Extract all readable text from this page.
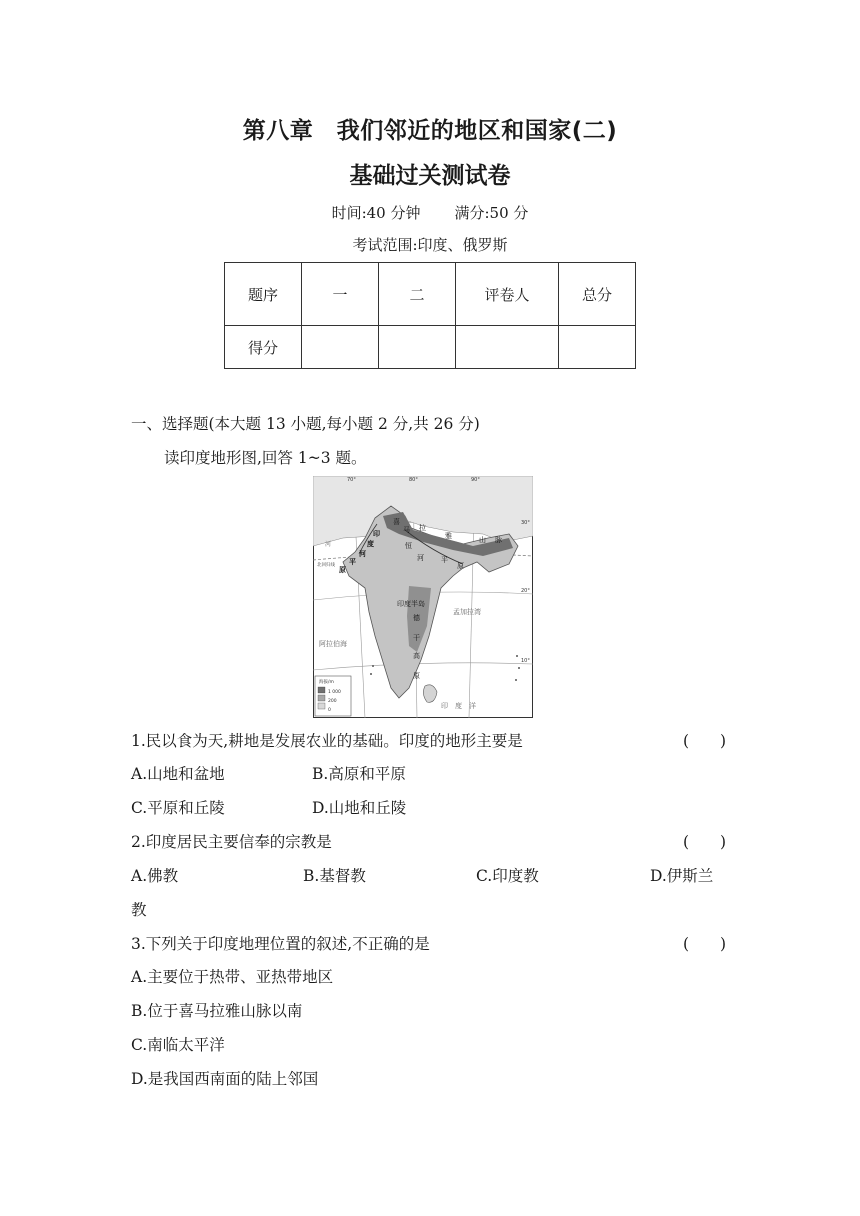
第八章　我们邻近的地区和国家(二)
基础过关测试卷
时间:40 分钟 满分:50 分
考试范围:印度、俄罗斯
题序	一	二	评卷人	总分
得分				
一、选择题(本大题 13 小题,每小题 2 分,共 26 分)
读印度地形图,回答 1~3 题。
70°	80°	90°
30°
20°
10°
印
度
河
平
原
恒
河 平
原
喜
马 拉
雅	山 脉
印度半岛
德
干
高
原
孟加拉湾
阿拉伯海
印　度　洋
北回归线
河
海拔/m
1 000
200
0
1.民以食为天,耕地是发展农业的基础。印度的地形主要是	(　　)
A.山地和盆地	B.高原和平原
C.平原和丘陵	D.山地和丘陵
2.印度居民主要信奉的宗教是	(　　)
A.佛教	B.基督教	C.印度教	D.伊斯兰
教
3.下列关于印度地理位置的叙述,不正确的是	(　　)
A.主要位于热带、亚热带地区
B.位于喜马拉雅山脉以南
C.南临太平洋
D.是我国西南面的陆上邻国
